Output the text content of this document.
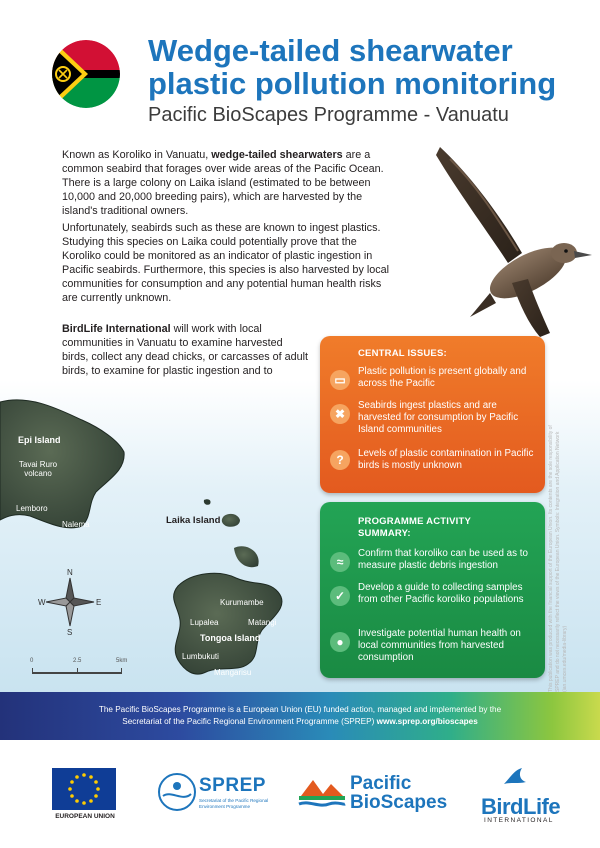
Wedge-tailed shearwater plastic pollution monitoring
Pacific BioScapes Programme - Vanuatu

Known as Koroliko in Vanuatu, wedge-tailed shearwaters are a common seabird that forages over wide areas of the Pacific Ocean. There is a large colony on Laika island (estimated to be between 10,000 and 20,000 breeding pairs), which are harvested by the island's traditional owners.

Unfortunately, seabirds such as these are known to ingest plastics. Studying this species on Laika could potentially prove that the Koroliko could be monitored as an indicator of plastic ingestion in Pacific seabirds. Furthermore, this species is also harvested by local communities for consumption and any potential human health risks are currently unknown.

BirdLife International will work with local communities in Vanuatu to examine harvested birds, collect any dead chicks, or carcasses of adult birds, to examine for plastic ingestion and to

Epi Island
Tavai Ruro volcano
Lemboro
Nalema	Laika Island
Kurumambe
Lupalea	Matangi
Tongoa Island
Lumbukuti
Mangarisu
N
S
W	E
0	2.5	5km
CENTRAL ISSUES:
▭
Plastic pollution is present globally and across the Pacific
✖
Seabirds ingest plastics and are harvested for consumption by Pacific Island communities
?	Levels of plastic contamination in Pacific birds is mostly unknown
PROGRAMME ACTIVITY SUMMARY:
≈
Confirm that koroliko can be used as to measure plastic debris ingestion
✓
Develop a guide to collecting samples from other Pacific koroliko populations
●
Investigate potential human health on local communities from harvested consumption	This publication was produced with the financial support of the European Union. Its contents are the sole responsibility of SPREP and do not necessarily reflect the views of the European Union. Symbols: Integration and Application Network (ian.umces.edu/media-library)
The Pacific BioScapes Programme is a European Union (EU) funded action, managed and implemented by the
Secretariat of the Pacific Regional Environment Programme (SPREP) www.sprep.org/bioscapes
EUROPEAN UNION
SPREP
Secretariat of the Pacific Regional Environment Programme
Pacific
BioScapes BirdLife
INTERNATIONAL
